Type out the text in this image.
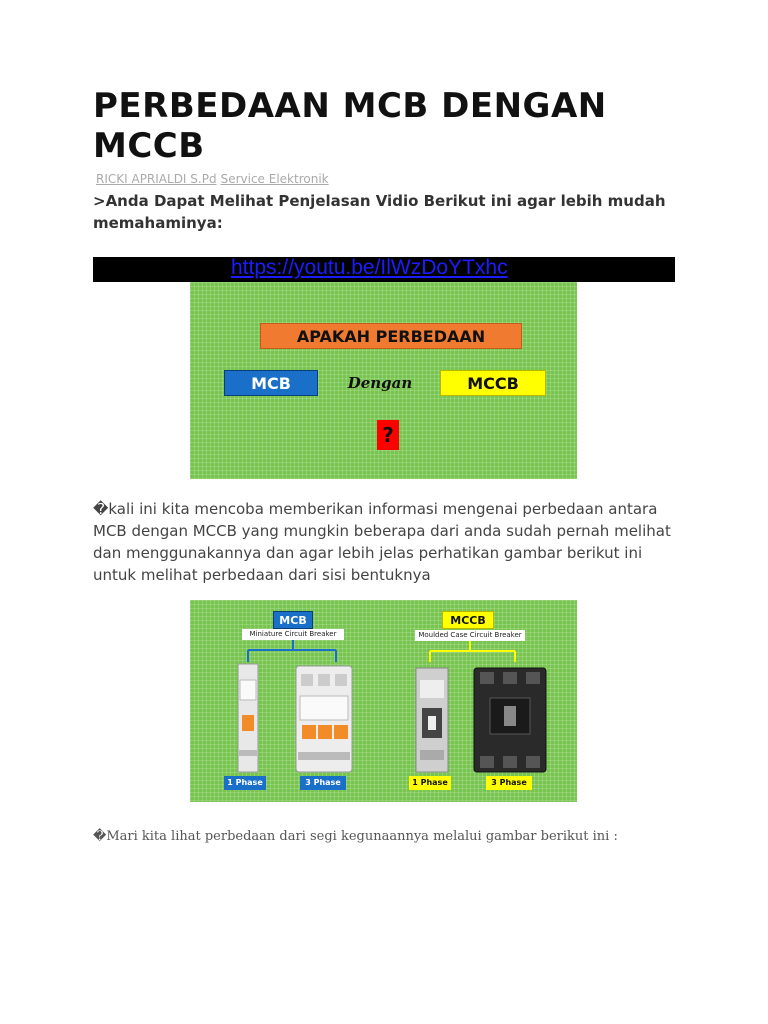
PERBEDAAN MCB DENGAN MCCB
RICKI APRIALDI S.Pd Service Elektronik
>Anda Dapat Melihat Penjelasan Vidio Berikut ini agar lebih mudah memahaminya:
https://youtu.be/IlWzDoYTxhc
APAKAH PERBEDAAN
MCB	Dengan	MCCB
?
�kali ini kita mencoba memberikan informasi mengenai perbedaan antara MCB dengan MCCB yang mungkin beberapa dari anda sudah pernah melihat dan menggunakannya dan agar lebih jelas perhatikan gambar berikut ini untuk melihat perbedaan dari sisi bentuknya
MCB
Miniature Circuit Breaker
MCCB
Moulded Case Circuit Breaker
1 Phase	3 Phase	1 Phase	3 Phase
�Mari kita lihat perbedaan dari segi kegunaannya melalui gambar berikut ini :
